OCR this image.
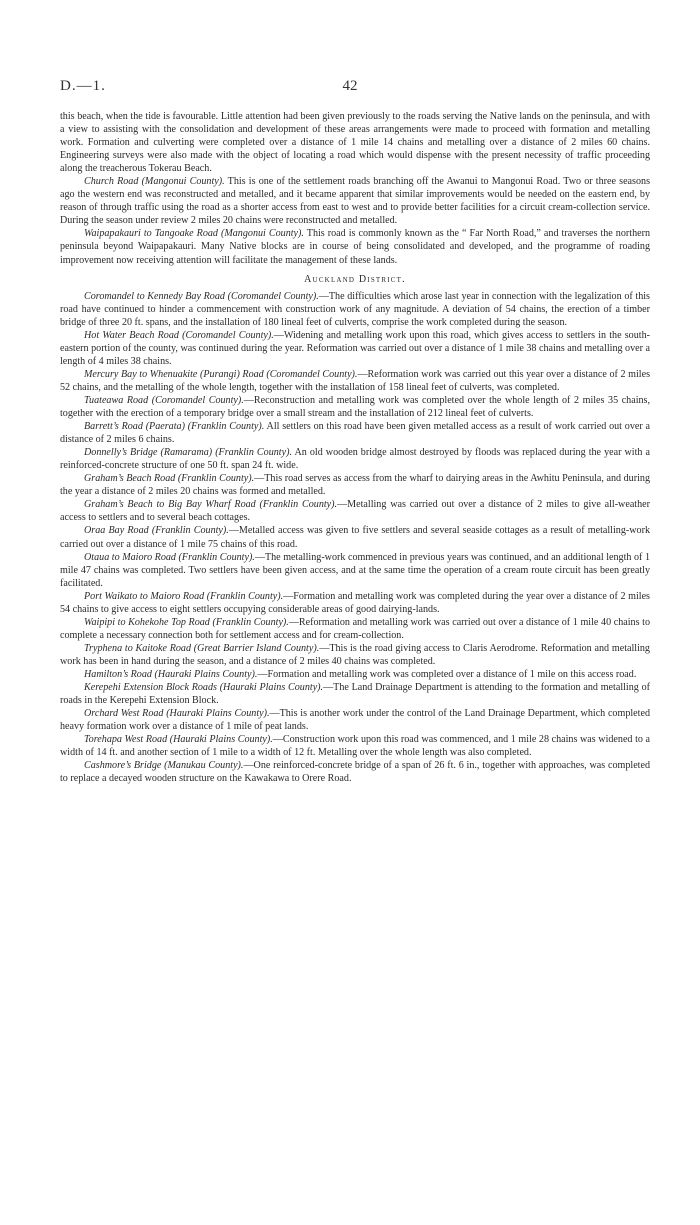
D.—1.	42

this beach, when the tide is favourable. Little attention had been given previously to the roads serving the Native lands on the peninsula, and with a view to assisting with the consolidation and development of these areas arrangements were made to proceed with formation and metalling work. Formation and culverting were completed over a distance of 1 mile 14 chains and metalling over a distance of 2 miles 60 chains. Engineering surveys were also made with the object of locating a road which would dispense with the present necessity of traffic proceeding along the treacherous Tokerau Beach.

Church Road (Mangonui County). This is one of the settlement roads branching off the Awanui to Mangonui Road. Two or three seasons ago the western end was reconstructed and metalled, and it became apparent that similar improvements would be needed on the eastern end, by reason of through traffic using the road as a shorter access from east to west and to provide better facilities for a circuit cream-collection service. During the season under review 2 miles 20 chains were reconstructed and metalled.

Waipapakauri to Tangoake Road (Mangonui County). This road is commonly known as the “ Far North Road,” and traverses the northern peninsula beyond Waipapakauri. Many Native blocks are in course of being consolidated and developed, and the programme of roading improvement now receiving attention will facilitate the management of these lands.

Auckland District.

Coromandel to Kennedy Bay Road (Coromandel County).—The difficulties which arose last year in connection with the legalization of this road have continued to hinder a commencement with construction work of any magnitude. A deviation of 54 chains, the erection of a timber bridge of three 20 ft. spans, and the installation of 180 lineal feet of culverts, comprise the work completed during the season.

Hot Water Beach Road (Coromandel County).—Widening and metalling work upon this road, which gives access to settlers in the south-eastern portion of the county, was continued during the year. Reformation was carried out over a distance of 1 mile 38 chains and metalling over a length of 4 miles 38 chains.

Mercury Bay to Whenuakite (Purangi) Road (Coromandel County).—Reformation work was carried out this year over a distance of 2 miles 52 chains, and the metalling of the whole length, together with the installation of 158 lineal feet of culverts, was completed.

Tuateawa Road (Coromandel County).—Reconstruction and metalling work was completed over the whole length of 2 miles 35 chains, together with the erection of a temporary bridge over a small stream and the installation of 212 lineal feet of culverts.

Barrett’s Road (Paerata) (Franklin County). All settlers on this road have been given metalled access as a result of work carried out over a distance of 2 miles 6 chains.

Donnelly’s Bridge (Ramarama) (Franklin County). An old wooden bridge almost destroyed by floods was replaced during the year with a reinforced-concrete structure of one 50 ft. span 24 ft. wide.

Graham’s Beach Road (Franklin County).—This road serves as access from the wharf to dairying areas in the Awhitu Peninsula, and during the year a distance of 2 miles 20 chains was formed and metalled.

Graham’s Beach to Big Bay Wharf Road (Franklin County).—Metalling was carried out over a distance of 2 miles to give all-weather access to settlers and to several beach cottages.

Oraa Bay Road (Franklin County).—Metalled access was given to five settlers and several seaside cottages as a result of metalling-work carried out over a distance of 1 mile 75 chains of this road.

Otaua to Maioro Road (Franklin County).—The metalling-work commenced in previous years was continued, and an additional length of 1 mile 47 chains was completed. Two settlers have been given access, and at the same time the operation of a cream route circuit has been greatly facilitated.

Port Waikato to Maioro Road (Franklin County).—Formation and metalling work was completed during the year over a distance of 2 miles 54 chains to give access to eight settlers occupying considerable areas of good dairying-lands.

Waipipi to Kohekohe Top Road (Franklin County).—Reformation and metalling work was carried out over a distance of 1 mile 40 chains to complete a necessary connection both for settlement access and for cream-collection.

Tryphena to Kaitoke Road (Great Barrier Island County).—This is the road giving access to Claris Aerodrome. Reformation and metalling work has been in hand during the season, and a distance of 2 miles 40 chains was completed.

Hamilton’s Road (Hauraki Plains County).—Formation and metalling work was completed over a distance of 1 mile on this access road.

Kerepehi Extension Block Roads (Hauraki Plains County).—The Land Drainage Department is attending to the formation and metalling of roads in the Kerepehi Extension Block.

Orchard West Road (Hauraki Plains County).—This is another work under the control of the Land Drainage Department, which completed heavy formation work over a distance of 1 mile of peat lands.

Torehapa West Road (Hauraki Plains County).—Construction work upon this road was commenced, and 1 mile 28 chains was widened to a width of 14 ft. and another section of 1 mile to a width of 12 ft. Metalling over the whole length was also completed.

Cashmore’s Bridge (Manukau County).—One reinforced-concrete bridge of a span of 26 ft. 6 in., together with approaches, was completed to replace a decayed wooden structure on the Kawakawa to Orere Road.
